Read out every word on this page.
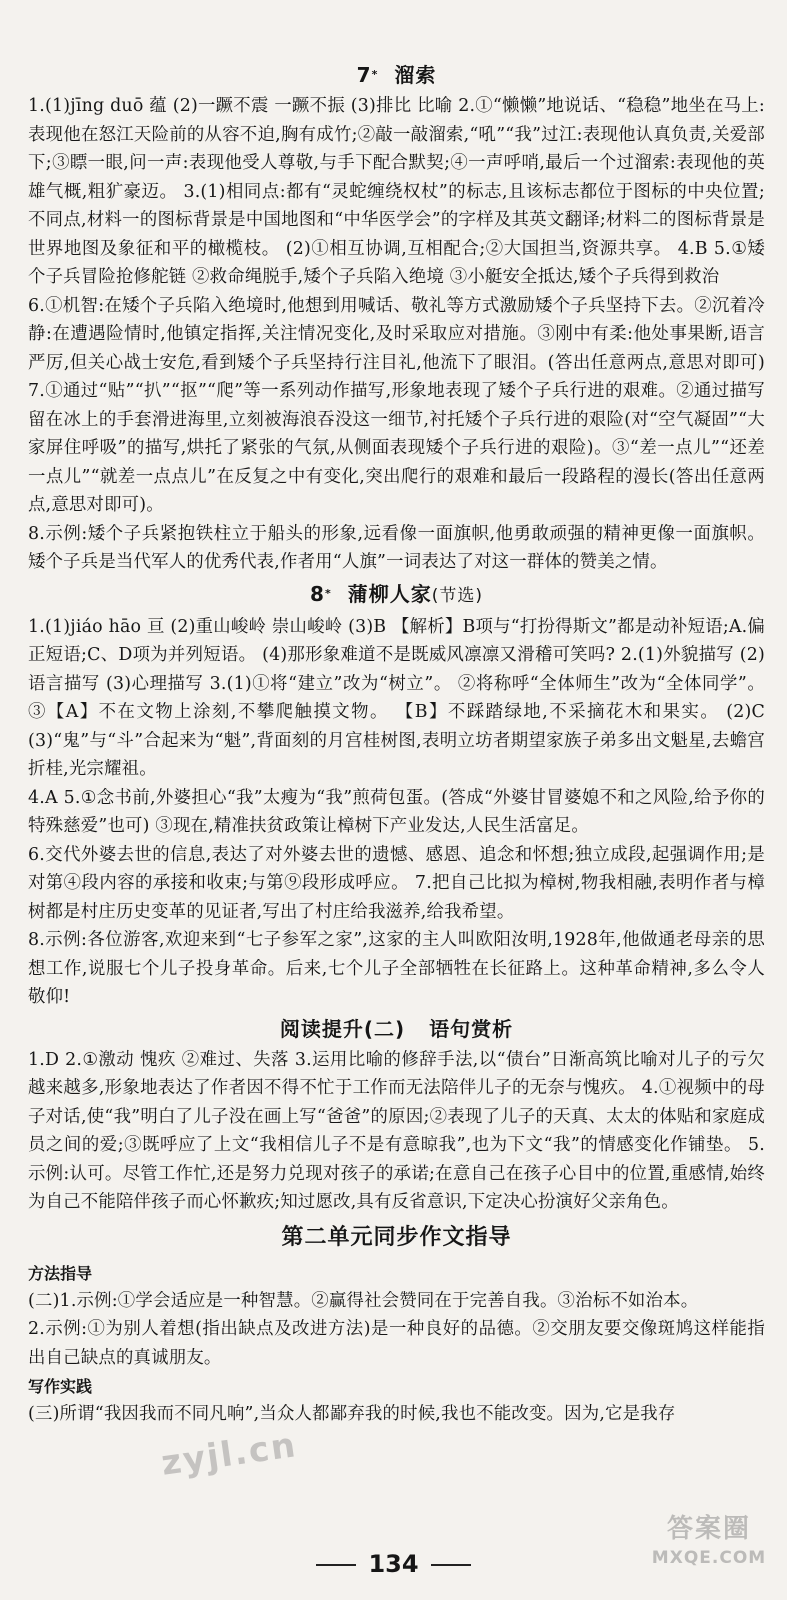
7* 溜索

1.(1)jīng duō 蕴 (2)一蹶不震 一蹶不振 (3)排比 比喻 2.①“懒懒”地说话、“稳稳”地坐在马上:表现他在怒江天险前的从容不迫,胸有成竹;②敲一敲溜索,“吼”“我”过江:表现他认真负责,关爱部下;③瞟一眼,问一声:表现他受人尊敬,与手下配合默契;④一声呼哨,最后一个过溜索:表现他的英雄气概,粗犷豪迈。 3.(1)相同点:都有“灵蛇缠绕权杖”的标志,且该标志都位于图标的中央位置;不同点,材料一的图标背景是中国地图和“中华医学会”的字样及其英文翻译;材料二的图标背景是世界地图及象征和平的橄榄枝。 (2)①相互协调,互相配合;②大国担当,资源共享。 4.B 5.①矮个子兵冒险抢修舵链 ②救命绳脱手,矮个子兵陷入绝境 ③小艇安全抵达,矮个子兵得到救治

6.①机智:在矮个子兵陷入绝境时,他想到用喊话、敬礼等方式激励矮个子兵坚持下去。②沉着冷静:在遭遇险情时,他镇定指挥,关注情况变化,及时采取应对措施。③刚中有柔:他处事果断,语言严厉,但关心战士安危,看到矮个子兵坚持行注目礼,他流下了眼泪。(答出任意两点,意思对即可) 7.①通过“贴”“扒”“抠”“爬”等一系列动作描写,形象地表现了矮个子兵行进的艰难。②通过描写留在冰上的手套滑进海里,立刻被海浪吞没这一细节,衬托矮个子兵行进的艰险(对“空气凝固”“大家屏住呼吸”的描写,烘托了紧张的气氛,从侧面表现矮个子兵行进的艰险)。③“差一点儿”“还差一点儿”“就差一点点儿”在反复之中有变化,突出爬行的艰难和最后一段路程的漫长(答出任意两点,意思对即可)。

8.示例:矮个子兵紧抱铁柱立于船头的形象,远看像一面旗帜,他勇敢顽强的精神更像一面旗帜。矮个子兵是当代军人的优秀代表,作者用“人旗”一词表达了对这一群体的赞美之情。

8* 蒲柳人家(节选)

1.(1)jiáo hāo 亘 (2)重山峻岭 崇山峻岭 (3)B 【解析】B项与“打扮得斯文”都是动补短语;A.偏正短语;C、D项为并列短语。 (4)那形象难道不是既威风凛凛又滑稽可笑吗? 2.(1)外貌描写 (2)语言描写 (3)心理描写 3.(1)①将“建立”改为“树立”。 ②将称呼“全体师生”改为“全体同学”。 ③【A】不在文物上涂刻,不攀爬触摸文物。 【B】不踩踏绿地,不采摘花木和果实。 (2)C (3)“鬼”与“斗”合起来为“魁”,背面刻的月宫桂树图,表明立坊者期望家族子弟多出文魁星,去蟾宫折桂,光宗耀祖。

4.A 5.①念书前,外婆担心“我”太瘦为“我”煎荷包蛋。(答成“外婆甘冒婆媳不和之风险,给予你的特殊慈爱”也可) ③现在,精准扶贫政策让樟树下产业发达,人民生活富足。

6.交代外婆去世的信息,表达了对外婆去世的遗憾、感恩、追念和怀想;独立成段,起强调作用;是对第④段内容的承接和收束;与第⑨段形成呼应。 7.把自己比拟为樟树,物我相融,表明作者与樟树都是村庄历史变革的见证者,写出了村庄给我滋养,给我希望。

8.示例:各位游客,欢迎来到“七子参军之家”,这家的主人叫欧阳汝明,1928年,他做通老母亲的思想工作,说服七个儿子投身革命。后来,七个儿子全部牺牲在长征路上。这种革命精神,多么令人敬仰!

阅读提升(二) 语句赏析

1.D 2.①激动 愧疚 ②难过、失落 3.运用比喻的修辞手法,以“债台”日渐高筑比喻对儿子的亏欠越来越多,形象地表达了作者因不得不忙于工作而无法陪伴儿子的无奈与愧疚。 4.①视频中的母子对话,使“我”明白了儿子没在画上写“爸爸”的原因;②表现了儿子的天真、太太的体贴和家庭成员之间的爱;③既呼应了上文“我相信儿子不是有意晾我”,也为下文“我”的情感变化作铺垫。 5.示例:认可。尽管工作忙,还是努力兑现对孩子的承诺;在意自己在孩子心目中的位置,重感情,始终为自己不能陪伴孩子而心怀歉疚;知过愿改,具有反省意识,下定决心扮演好父亲角色。

第二单元同步作文指导
方法指导

(二)1.示例:①学会适应是一种智慧。②赢得社会赞同在于完善自我。③治标不如治本。

2.示例:①为别人着想(指出缺点及改进方法)是一种良好的品德。②交朋友要交像斑鸠这样能指出自己缺点的真诚朋友。

写作实践

(三)所谓“我因我而不同凡响”,当众人都鄙弃我的时候,我也不能改变。因为,它是我存

zyjl.cn
134
答案圈
MXQE.COM
